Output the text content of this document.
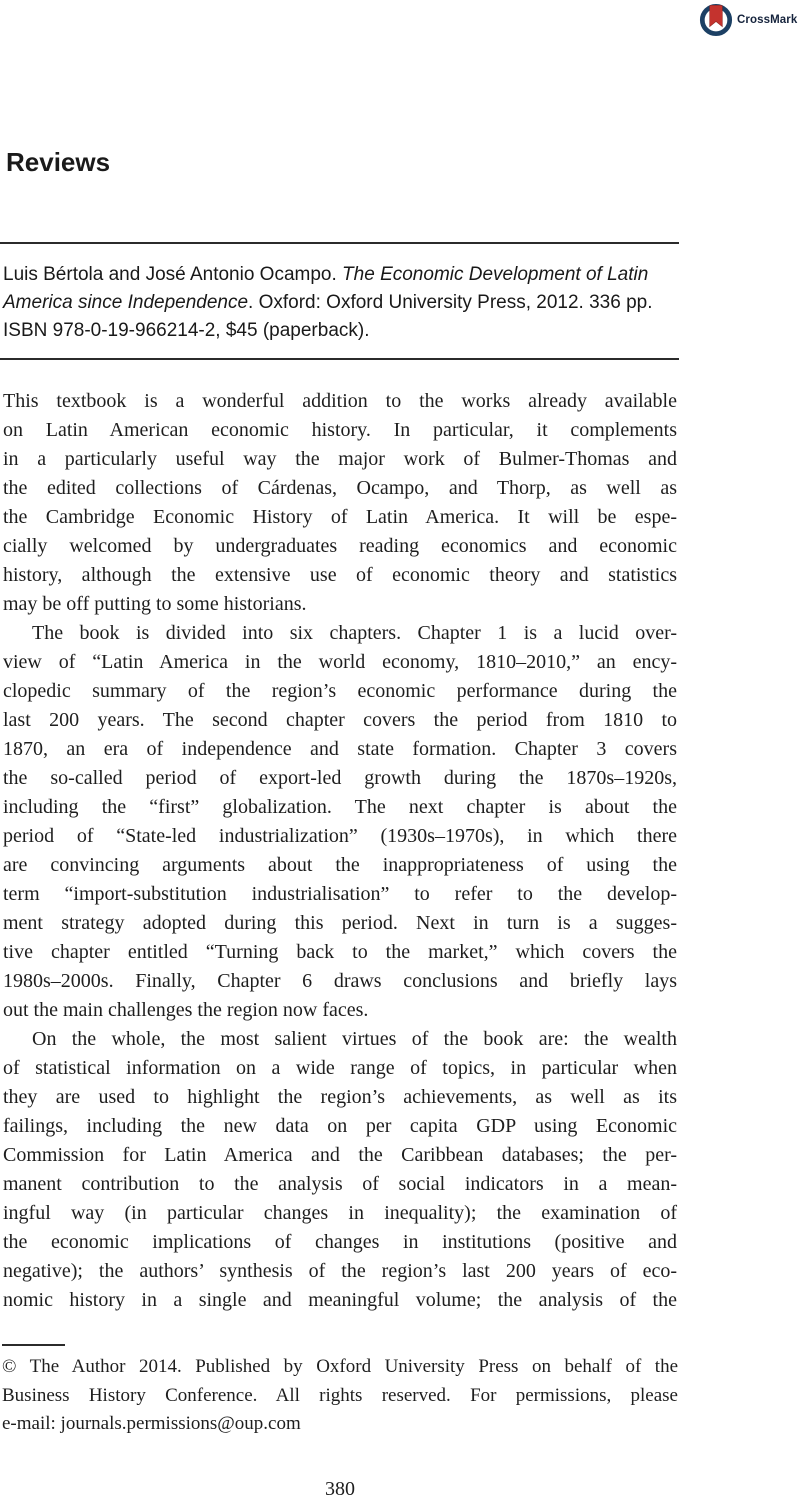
CrossMark
Reviews
Luis Bértola and José Antonio Ocampo. The Economic Development of Latin
America since Independence. Oxford: Oxford University Press, 2012. 336 pp.
ISBN 978-0-19-966214-2, $45 (paperback).
This textbook is a wonderful addition to the works already available
on Latin American economic history. In particular, it complements
in a particularly useful way the major work of Bulmer-Thomas and
the edited collections of Cárdenas, Ocampo, and Thorp, as well as
the Cambridge Economic History of Latin America. It will be espe-
cially welcomed by undergraduates reading economics and economic
history, although the extensive use of economic theory and statistics
may be off putting to some historians.
The book is divided into six chapters. Chapter 1 is a lucid over-
view of “Latin America in the world economy, 1810–2010,” an ency-
clopedic summary of the region’s economic performance during the
last 200 years. The second chapter covers the period from 1810 to
1870, an era of independence and state formation. Chapter 3 covers
the so-called period of export-led growth during the 1870s–1920s,
including the “first” globalization. The next chapter is about the
period of “State-led industrialization” (1930s–1970s), in which there
are convincing arguments about the inappropriateness of using the
term “import-substitution industrialisation” to refer to the develop-
ment strategy adopted during this period. Next in turn is a sugges-
tive chapter entitled “Turning back to the market,” which covers the
1980s–2000s. Finally, Chapter 6 draws conclusions and briefly lays
out the main challenges the region now faces.
On the whole, the most salient virtues of the book are: the wealth
of statistical information on a wide range of topics, in particular when
they are used to highlight the region’s achievements, as well as its
failings, including the new data on per capita GDP using Economic
Commission for Latin America and the Caribbean databases; the per-
manent contribution to the analysis of social indicators in a mean-
ingful way (in particular changes in inequality); the examination of
the economic implications of changes in institutions (positive and
negative); the authors’ synthesis of the region’s last 200 years of eco-
nomic history in a single and meaningful volume; the analysis of the
© The Author 2014. Published by Oxford University Press on behalf of the
Business History Conference. All rights reserved. For permissions, please
e-mail: journals.permissions@oup.com
380
